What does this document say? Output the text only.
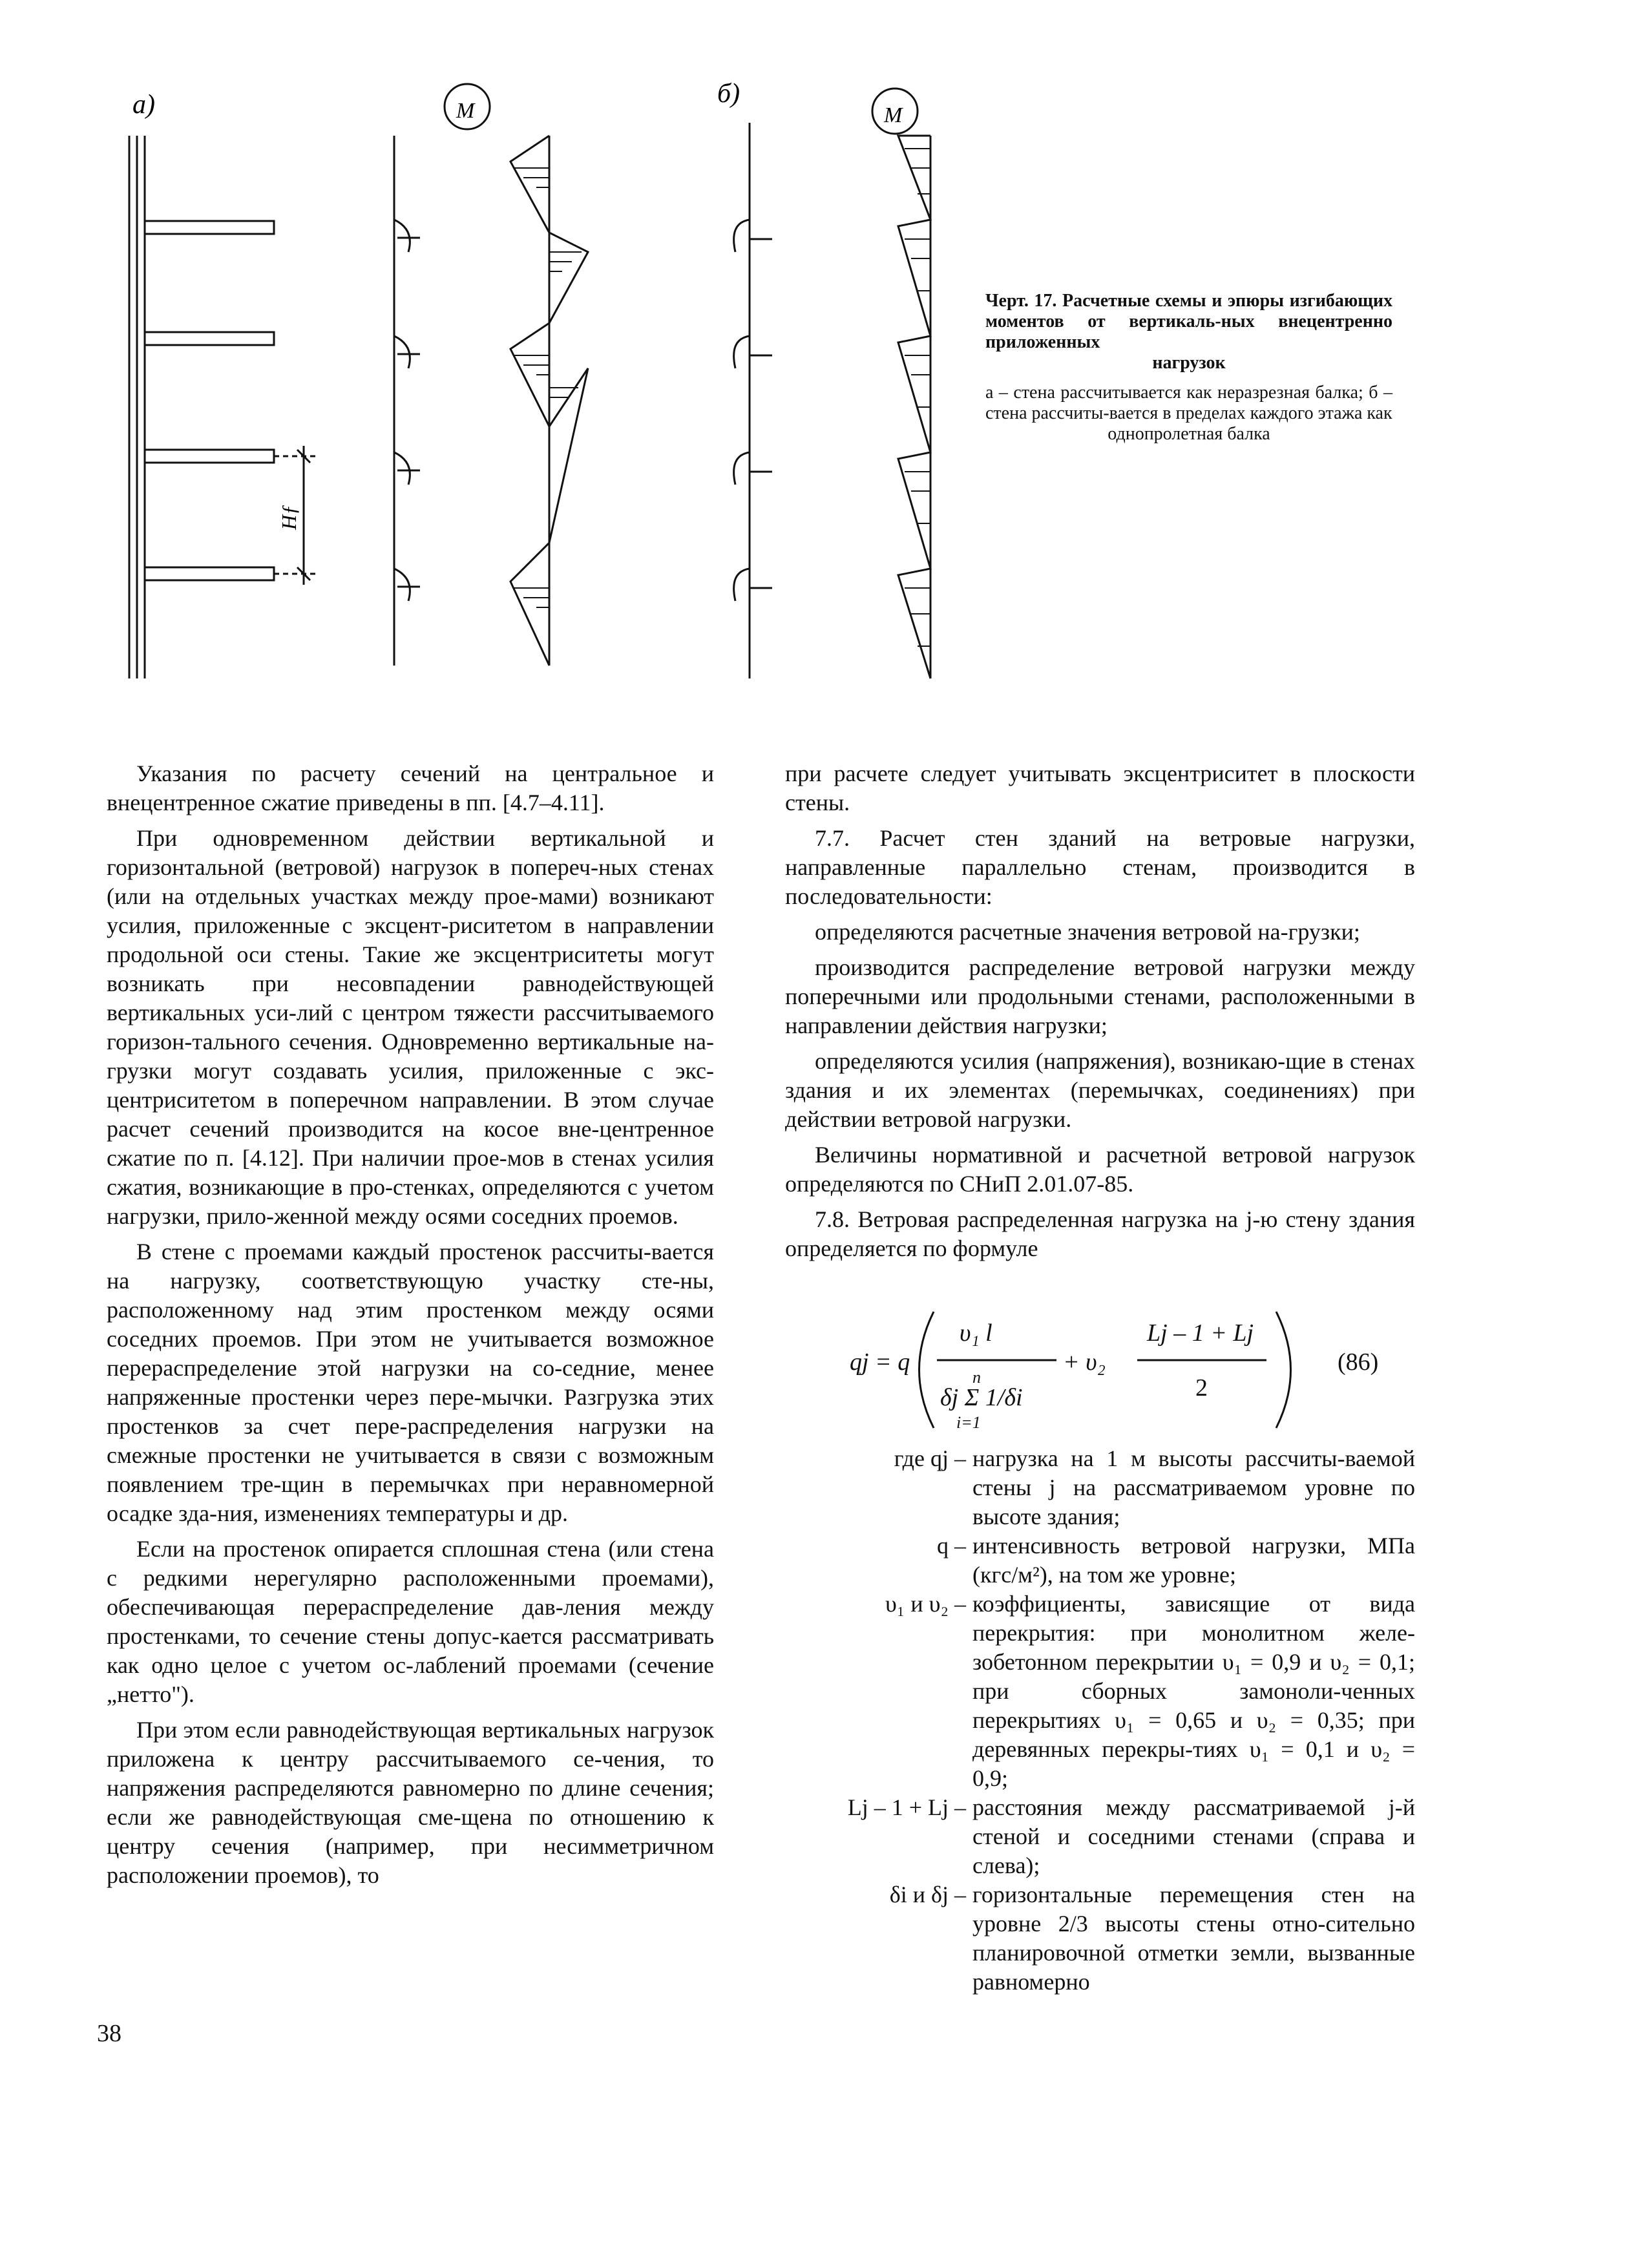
а)	M
б)
M
Hƒ
Черт. 17. Расчетные схемы и эпюры изгибающих моментов от вертикаль-ных внецентренно приложенных
нагрузок
а – стена рассчитывается как неразрезная балка; б – стена рассчиты-вается в пределах каждого этажа как
однопролетная балка

Указания по расчету сечений на центральное и внецентренное сжатие приведены в пп. [4.7–4.11].

При одновременном действии вертикальной и горизонтальной (ветровой) нагрузок в попереч-ных стенах (или на отдельных участках между прое-мами) возникают усилия, приложенные с эксцент-риситетом в направлении продольной оси стены. Такие же эксцентриситеты могут возникать при несовпадении равнодействующей вертикальных уси-лий с центром тяжести рассчитываемого горизон-тального сечения. Одновременно вертикальные на-грузки могут создавать усилия, приложенные с экс-центриситетом в поперечном направлении. В этом случае расчет сечений производится на косое вне-центренное сжатие по п. [4.12]. При наличии прое-мов в стенах усилия сжатия, возникающие в про-стенках, определяются с учетом нагрузки, прило-женной между осями соседних проемов.

В стене с проемами каждый простенок рассчиты-вается на нагрузку, соответствующую участку сте-ны, расположенному над этим простенком между осями соседних проемов. При этом не учитывается возможное перераспределение этой нагрузки на со-седние, менее напряженные простенки через пере-мычки. Разгрузка этих простенков за счет пере-распределения нагрузки на смежные простенки не учитывается в связи с возможным появлением тре-щин в перемычках при неравномерной осадке зда-ния, изменениях температуры и др.

Если на простенок опирается сплошная стена (или стена с редкими нерегулярно расположенными проемами), обеспечивающая перераспределение дав-ления между простенками, то сечение стены допус-кается рассматривать как одно целое с учетом ос-лаблений проемами (сечение „нетто").

При этом если равнодействующая вертикальных нагрузок приложена к центру рассчитываемого се-чения, то напряжения распределяются равномерно по длине сечения; если же равнодействующая сме-щена по отношению к центру сечения (например, при несимметричном расположении проемов), то

при расчете следует учитывать эксцентриситет в плоскости стены.

7.7. Расчет стен зданий на ветровые нагрузки, направленные параллельно стенам, производится в последовательности:

определяются расчетные значения ветровой на-грузки;

производится распределение ветровой нагрузки между поперечными или продольными стенами, расположенными в направлении действия нагрузки;

определяются усилия (напряжения), возникаю-щие в стенах здания и их элементах (перемычках, соединениях) при действии ветровой нагрузки.

Величины нормативной и расчетной ветровой нагрузок определяются по СНиП 2.01.07-85.

7.8. Ветровая распределенная нагрузка на j-ю стену здания определяется по формуле

qj = q
υ₁ l
δj Σ 1/δi
n
i=1
+ υ₂
Lj – 1 + Lj
2
(86)
где qj – нагрузка на 1 м высоты рассчиты-ваемой стены j на рассматриваемом уровне по высоте здания;
q – интенсивность ветровой нагрузки, МПа (кгс/м²), на том же уровне;
υ₁ и υ₂ – коэффициенты, зависящие от вида перекрытия: при монолитном желе-зобетонном перекрытии υ₁ = 0,9 и υ₂ = 0,1; при сборных замоноли-ченных перекрытиях υ₁ = 0,65 и υ₂ = 0,35; при деревянных перекры-тиях υ₁ = 0,1 и υ₂ = 0,9;
Lj – 1 + Lj – расстояния между рассматриваемой j-й стеной и соседними стенами (справа и слева);
δi и δj – горизонтальные перемещения стен на уровне 2/3 высоты стены отно-сительно планировочной отметки земли, вызванные равномерно
38
